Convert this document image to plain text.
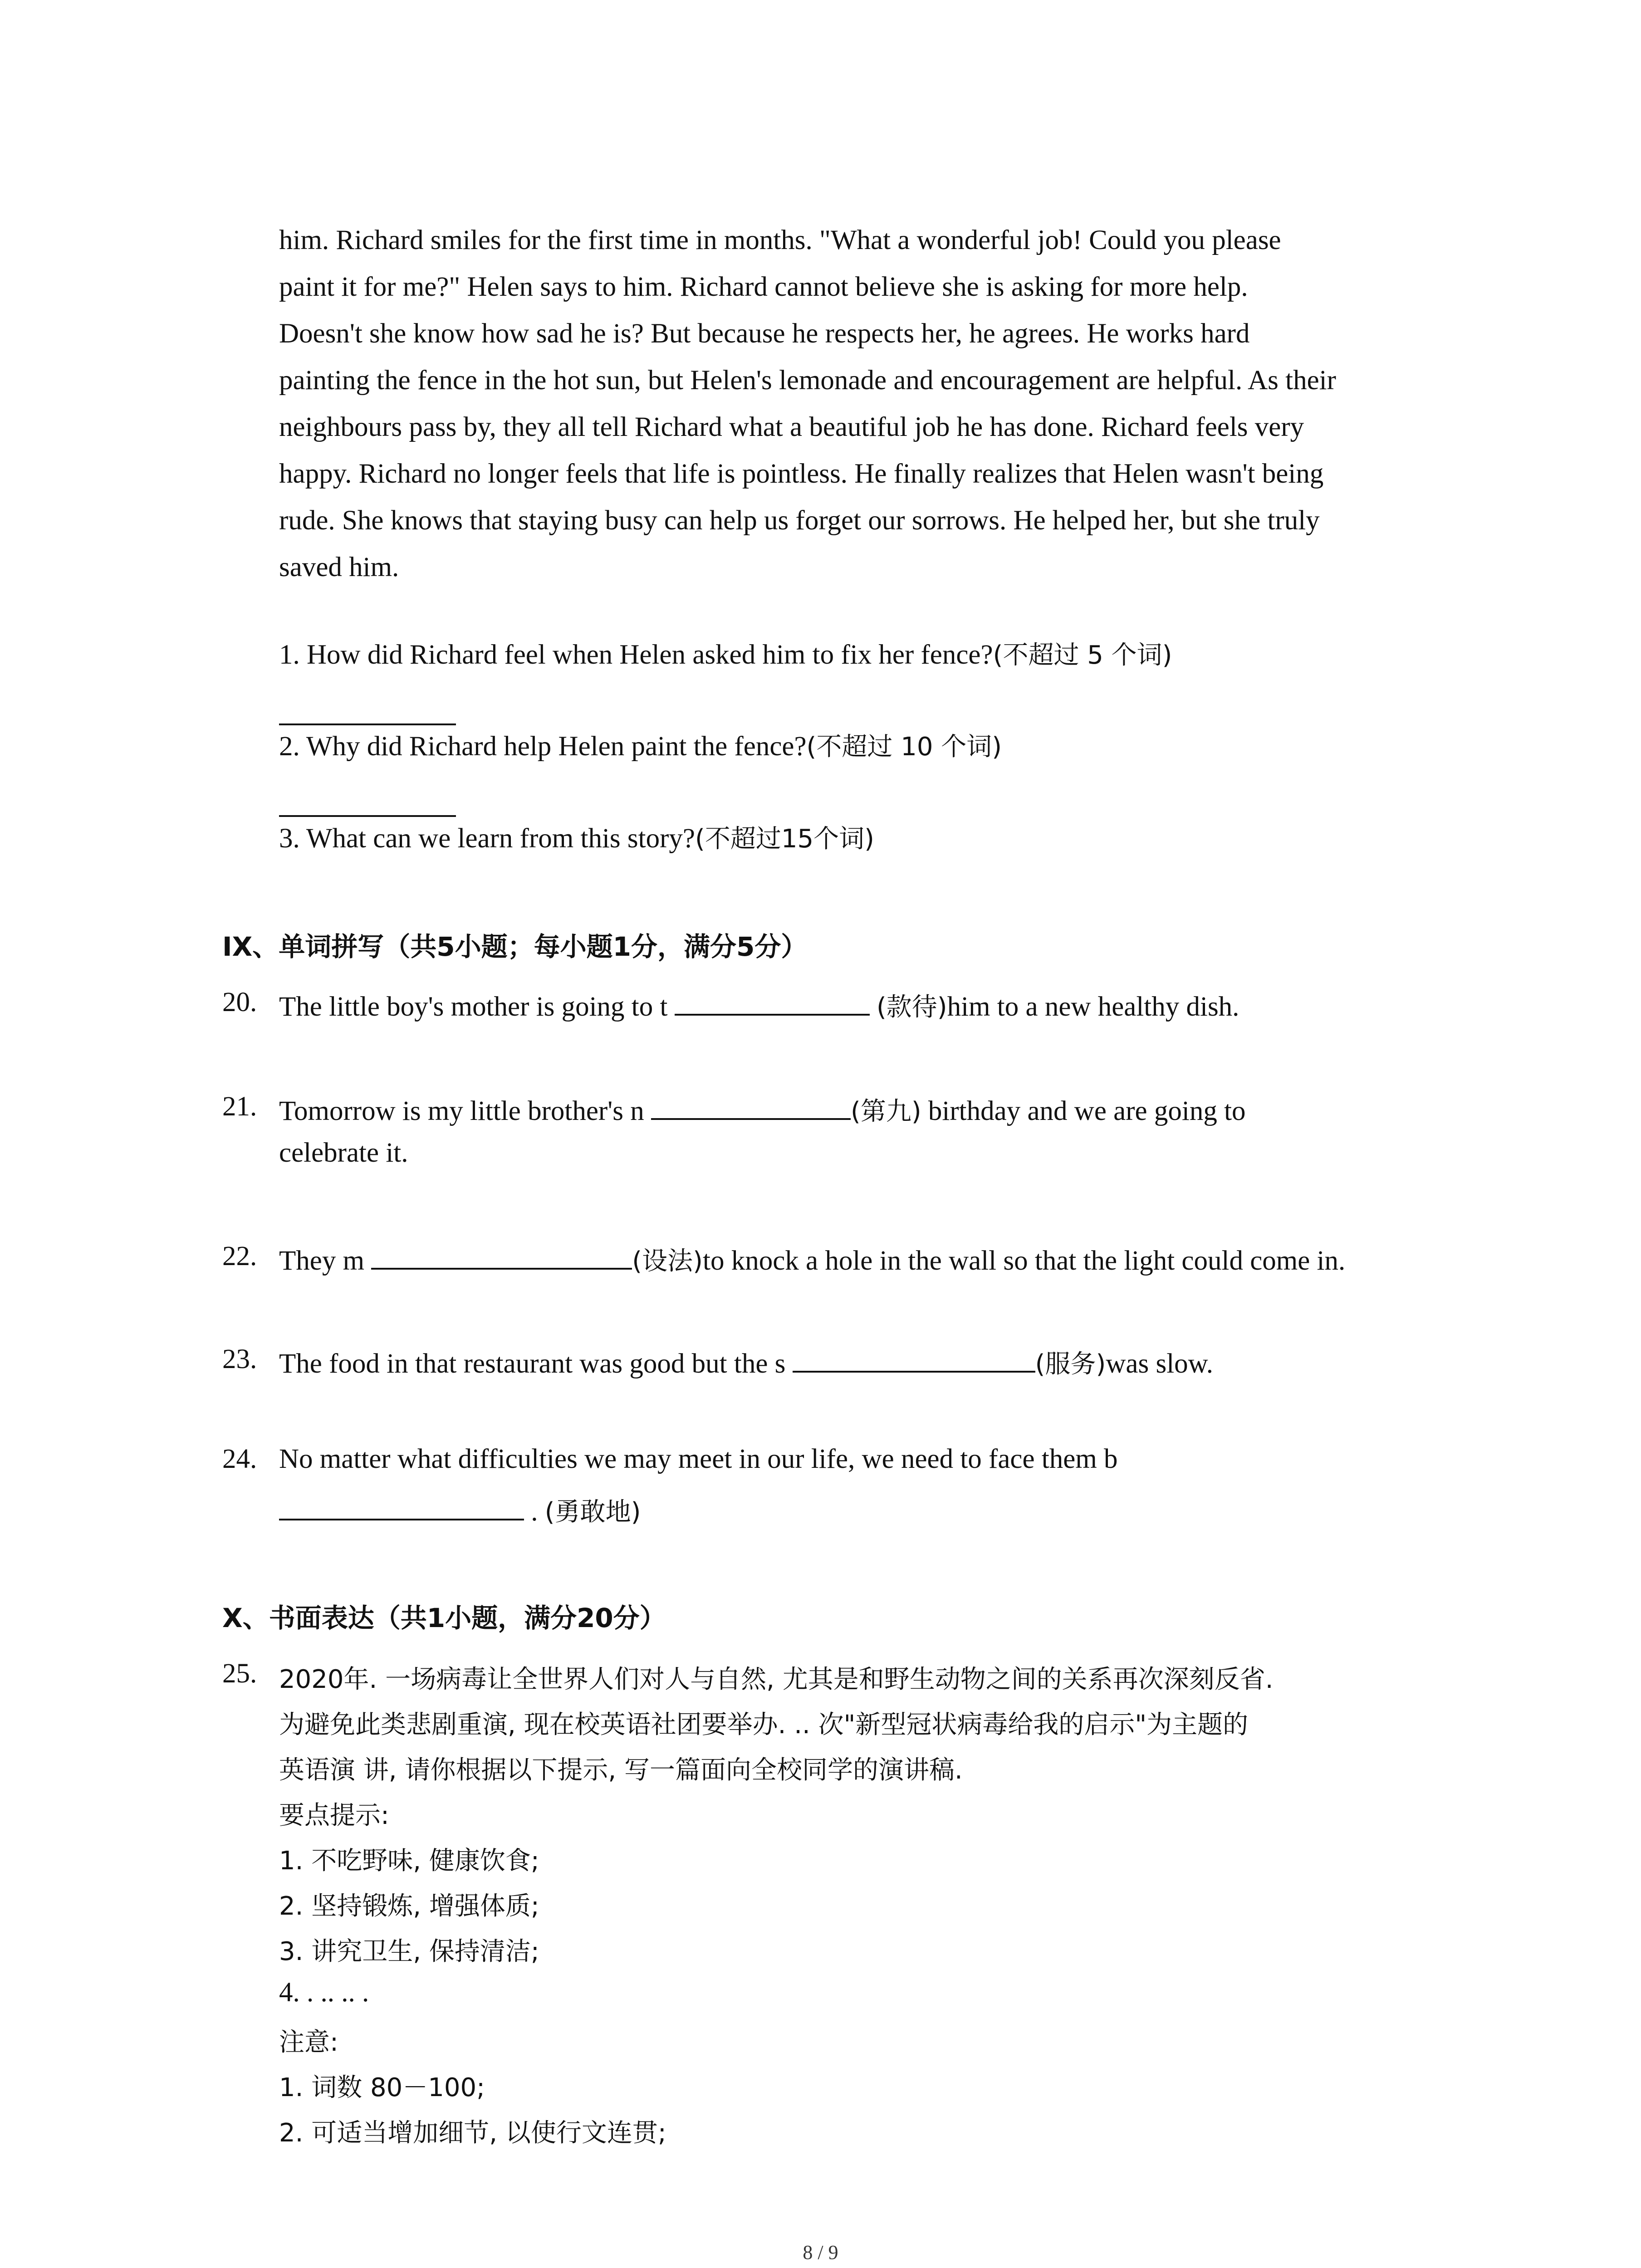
him. Richard smiles for the first time in months. "What a wonderful job! Could you please
paint it for me?" Helen says to him. Richard cannot believe she is asking for more help.
Doesn't she know how sad he is? But because he respects her, he agrees. He works hard
painting the fence in the hot sun, but Helen's lemonade and encouragement are helpful. As their
neighbours pass by, they all tell Richard what a beautiful job he has done. Richard feels very
happy. Richard no longer feels that life is pointless. He finally realizes that Helen wasn't being
rude. She knows that staying busy can help us forget our sorrows. He helped her, but she truly
saved him.
1. How did Richard feel when Helen asked him to fix her fence?(不超过 5 个词)
2. Why did Richard help Helen paint the fence?(不超过 10 个词)
3. What can we learn from this story?(不超过15个词)
IX、单词拼写（共5小题；每小题1分，满分5分）
20. The little boy's mother is going to t	(款待)him to a new healthy dish.
21. Tomorrow is my little brother's n	(第九) birthday and we are going to
celebrate it.
22. They m	(设法)to knock a hole in the wall so that the light could come in.
23. The food in that restaurant was good but the s	(服务)was slow.
24. No matter what difficulties we may meet in our life, we need to face them b
. (勇敢地)
X、书面表达（共1小题，满分20分）
25. 2020年. 一场病毒让全世界人们对人与自然, 尤其是和野生动物之间的关系再次深刻反省.
为避免此类悲剧重演, 现在校英语社团要举办. .. 次"新型冠状病毒给我的启示"为主题的
英语演 讲, 请你根据以下提示, 写一篇面向全校同学的演讲稿.
要点提示:
1. 不吃野味, 健康饮食;
2. 坚持锻炼, 增强体质;
3. 讲究卫生, 保持清洁;
4. . .. .. .
注意:
1. 词数 80－100;
2. 可适当增加细节, 以使行文连贯;
8 / 9
